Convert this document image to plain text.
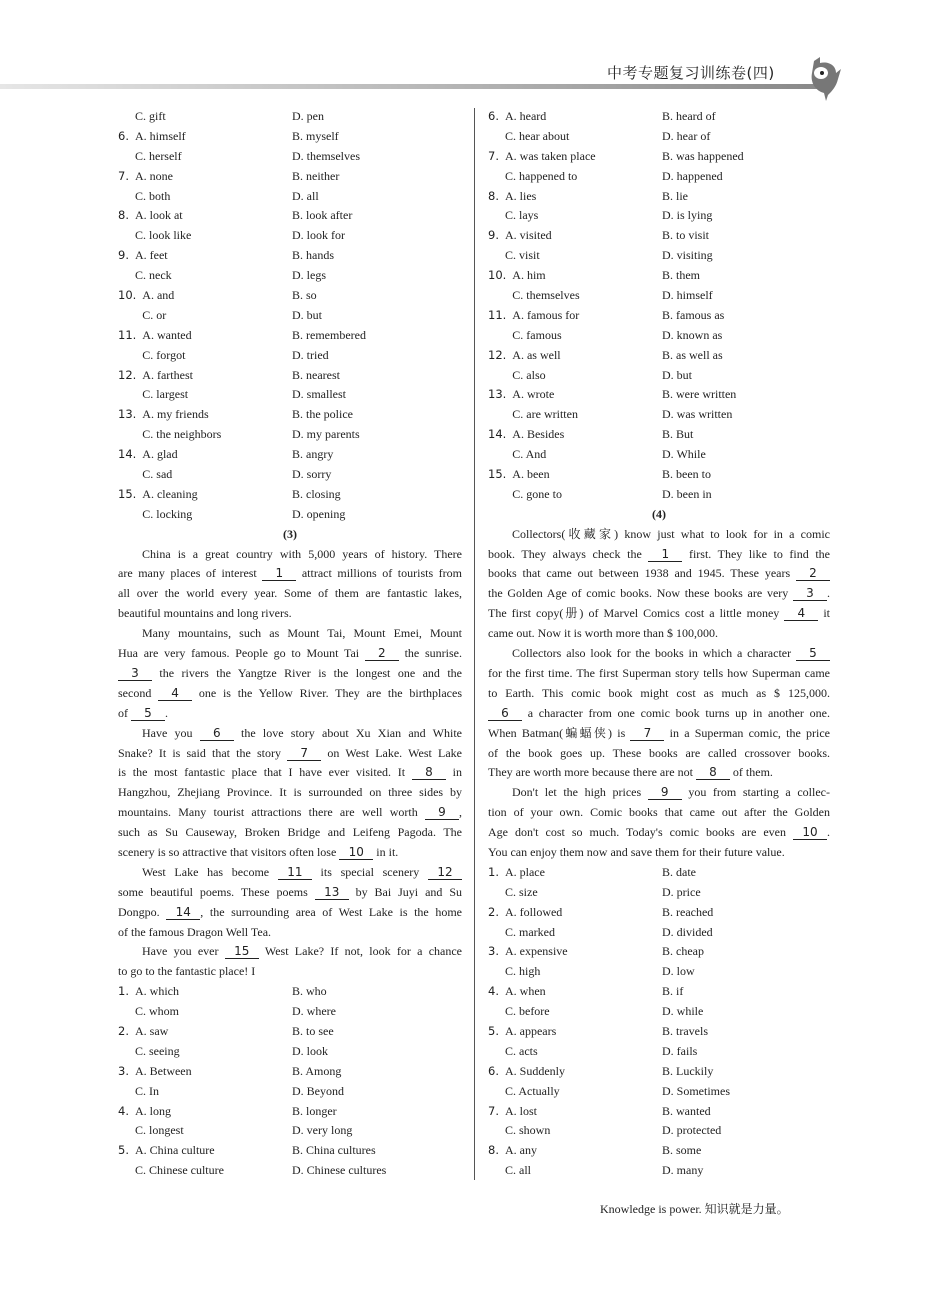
中考专题复习训练卷(四)
C. gift	D. pen
6. A. himself	B. myself
C. herself	D. themselves
7. A. none	B. neither
C. both	D. all
8. A. look at	B. look after
C. look like	D. look for
9. A. feet	B. hands
C. neck	D. legs
10. A. and	B. so
C. or	D. but
11. A. wanted	B. remembered
C. forgot	D. tried
12. A. farthest	B. nearest
C. largest	D. smallest
13. A. my friends	B. the police
C. the neighbors	D. my parents
14. A. glad	B. angry
C. sad	D. sorry
15. A. cleaning	B. closing
C. locking	D. opening
(3)
China is a great country with 5,000 years of history. There
are many places of interest 1 attract millions of tourists from
all over the world every year. Some of them are fantastic lakes,
beautiful mountains and long rivers.
Many mountains, such as Mount Tai, Mount Emei, Mount
Hua are very famous. People go to Mount Tai 2 the sunrise.
3 the rivers the Yangtze River is the longest one and the
second 4 one is the Yellow River. They are the birthplaces
of 5 .
Have you 6 the love story about Xu Xian and White
Snake? It is said that the story 7 on West Lake. West Lake
is the most fantastic place that I have ever visited. It 8 in
Hangzhou, Zhejiang Province. It is surrounded on three sides by
mountains. Many tourist attractions there are well worth 9 ,
such as Su Causeway, Broken Bridge and Leifeng Pagoda. The
scenery is so attractive that visitors often lose 10 in it.
West Lake has become 11 its special scenery 12
some beautiful poems. These poems 13 by Bai Juyi and Su
Dongpo. 14 , the surrounding area of West Lake is the home
of the famous Dragon Well Tea.
Have you ever 15 West Lake? If not, look for a chance
to go to the fantastic place! I
1. A. which	B. who
C. whom	D. where
2. A. saw	B. to see
C. seeing	D. look
3. A. Between	B. Among
C. In	D. Beyond
4. A. long	B. longer
C. longest	D. very long
5. A. China culture	B. China cultures
C. Chinese culture	D. Chinese cultures
6. A. heard	B. heard of
C. hear about	D. hear of
7. A. was taken place	B. was happened
C. happened to	D. happened
8. A. lies	B. lie
C. lays	D. is lying
9. A. visited	B. to visit
C. visit	D. visiting
10. A. him	B. them
C. themselves	D. himself
11. A. famous for	B. famous as
C. famous	D. known as
12. A. as well	B. as well as
C. also	D. but
13. A. wrote	B. were written
C. are written	D. was written
14. A. Besides	B. But
C. And	D. While
15. A. been	B. been to
C. gone to	D. been in
(4)
Collectors(收藏家) know just what to look for in a comic
book. They always check the 1 first. They like to find the
books that came out between 1938 and 1945. These years 2
the Golden Age of comic books. Now these books are very 3 .
The first copy(册) of Marvel Comics cost a little money 4 it
came out. Now it is worth more than $ 100,000.
Collectors also look for the books in which a character 5
for the first time. The first Superman story tells how Superman came
to Earth. This comic book might cost as much as $ 125,000.
6 a character from one comic book turns up in another one.
When Batman(蝙蝠侠) is 7 in a Superman comic, the price
of the book goes up. These books are called crossover books.
They are worth more because there are not 8 of them.
Don't let the high prices 9 you from starting a collec-
tion of your own. Comic books that came out after the Golden
Age don't cost so much. Today's comic books are even 10 .
You can enjoy them now and save them for their future value.
1. A. place	B. date
C. size	D. price
2. A. followed	B. reached
C. marked	D. divided
3. A. expensive	B. cheap
C. high	D. low
4. A. when	B. if
C. before	D. while
5. A. appears	B. travels
C. acts	D. fails
6. A. Suddenly	B. Luckily
C. Actually	D. Sometimes
7. A. lost	B. wanted
C. shown	D. protected
8. A. any	B. some
C. all	D. many
Knowledge is power. 知识就是力量。
